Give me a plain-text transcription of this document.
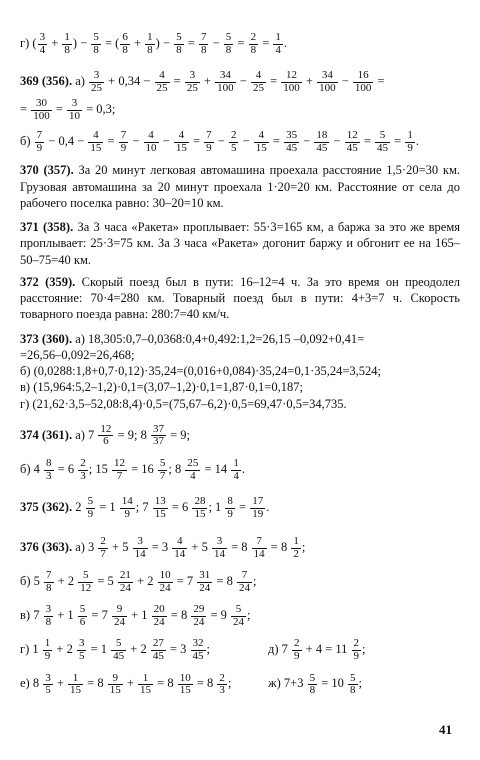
г) ( $\frac{3}{4} + \frac{1}{8}$ ) − $\frac{5}{8}$ = ( $\frac{6}{8} + \frac{1}{8}$ ) − $\frac{5}{8} = \frac{7}{8} - \frac{5}{8} = \frac{2}{8} = \frac{1}{4}$ .

369 (356). $а) \frac{3}{25} + 0,34 - \frac{4}{25} = \frac{3}{25} + \frac{34}{100} - \frac{4}{25} = \frac{12}{100} + \frac{34}{100} - \frac{16}{100}$ =

= $\frac{30}{100} = \frac{3}{10} = 0,3$;

$б) \frac{7}{9} - 0,4 - \frac{4}{15} = \frac{7}{9} - \frac{4}{10} - \frac{4}{15} = \frac{7}{9} - \frac{2}{5} - \frac{4}{15} = \frac{35}{45} - \frac{18}{45} - \frac{12}{45} = \frac{5}{45} = \frac{1}{9}$ .

370 (357). За 20 минут легковая автомашина проехала расстояние 1,5·20=30 км. Грузовая автомашина за 20 минут проехала 1·20=20 км. Расстояние от села до рабочего поселка равно: 30–20=10 км.

371 (358). За 3 часа «Ракета» проплывает: 55·3=165 км, а баржа за это же время проплывает: 25·3=75 км. За 3 часа «Ракета» догонит баржу и обгонит ее на 165–50–75=40 км.

372 (359). Скорый поезд был в пути: 16–12=4 ч. За это время он преодолел расстояние: 70·4=280 км. Товарный поезд был в пути: 4+3=7 ч. Скорость товарного поезда равна: 280:7=40 км/ч.

373 (360). а) 18,305:0,7–0,0368:0,4+0,492:1,2=26,15 –0,092+0,41=

=26,56–0,092=26,468;

б) (0,0288:1,8+0,7·0,12)·35,24=(0,016+0,084)·35,24=0,1·35,24=3,524;

в) (15,964:5,2–1,2)·0,1=(3,07–1,2)·0,1=1,87·0,1=0,187;

г) (21,62·3,5–52,08:8,4)·0,5=(75,67–6,2)·0,5=69,47·0,5=34,735.

374 (361). а) $7 \frac{12}{6} = 9$; $8 \frac{37}{37} = 9$;

б) $4 \frac{8}{3} = 6 \frac{2}{3}$ ; $15 \frac{12}{7} = 16 \frac{5}{7}$ ; $8 \frac{25}{4} = 14 \frac{1}{4}$ .

375 (362). $2 \frac{5}{9} = 1 \frac{14}{9}$ ; $7 \frac{13}{15} = 6 \frac{28}{15}$ ; $1 \frac{8}{9} = \frac{17}{19}$ .

376 (363). а) $3 \frac{2}{7} + 5 \frac{3}{14} = 3 \frac{4}{14} + 5 \frac{3}{14} = 8 \frac{7}{14} = 8 \frac{1}{2}$ ;

б) $5 \frac{7}{8} + 2 \frac{5}{12} = 5 \frac{21}{24} + 2 \frac{10}{24} = 7 \frac{31}{24} = 8 \frac{7}{24}$ ;

в) $7 \frac{3}{8} + 1 \frac{5}{6} = 7 \frac{9}{24} + 1 \frac{20}{24} = 8 \frac{29}{24} = 9 \frac{5}{24}$ ;

г) $1 \frac{1}{9} + 2 \frac{3}{5} = 1 \frac{5}{45} + 2 \frac{27}{45} = 3 \frac{32}{45}$ ;	д) $7 \frac{2}{9} + 4 = 11 \frac{2}{9}$ ;

е) $8 \frac{3}{5} + \frac{1}{15} = 8 \frac{9}{15} + \frac{1}{15} = 8 \frac{10}{15} = 8 \frac{2}{3}$ ;	ж) $7+3 \frac{5}{8} = 10 \frac{5}{8}$ ;

41
